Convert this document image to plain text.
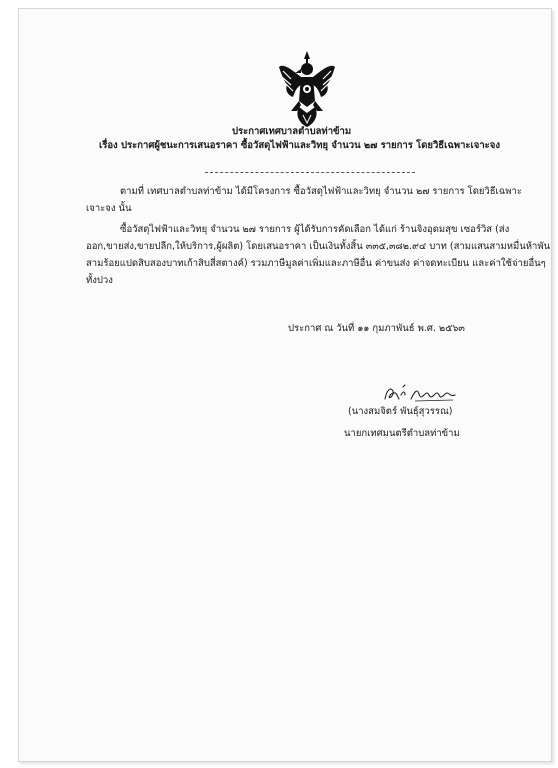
ประกาศเทศบาลตำบลท่าข้าม
เรื่อง ประกาศผู้ชนะการเสนอราคา ซื้อวัสดุไฟฟ้าและวิทยุ จำนวน ๒๗ รายการ โดยวิธีเฉพาะเจาะจง
ตามที่ เทศบาลตำบลท่าข้าม ได้มีโครงการ ซื้อวัสดุไฟฟ้าและวิทยุ จำนวน ๒๗ รายการ โดยวิธีเฉพาะ
เจาะจง นั้น
ซื้อวัสดุไฟฟ้าและวิทยุ จำนวน ๒๗ รายการ ผู้ได้รับการคัดเลือก ได้แก่ ร้านจิงอุดมสุข เซอร์วิส (ส่ง
ออก,ขายส่ง,ขายปลีก,ให้บริการ,ผู้ผลิต) โดยเสนอราคา เป็นเงินทั้งสิ้น ๓๓๕,๓๘๒.๙๔ บาท (สามแสนสามหมื่นห้าพัน
สามร้อยแปดสิบสองบาทเก้าสิบสี่สตางค์) รวมภาษีมูลค่าเพิ่มและภาษีอื่น ค่าขนส่ง ค่าจดทะเบียน และค่าใช้จ่ายอื่นๆ
ทั้งปวง
ประกาศ ณ วันที่ ๑๑ กุมภาพันธ์ พ.ศ. ๒๕๖๓
(นางสมจิตร์ พันธุ์สุวรรณ)
นายกเทศมนตรีตำบลท่าข้าม
